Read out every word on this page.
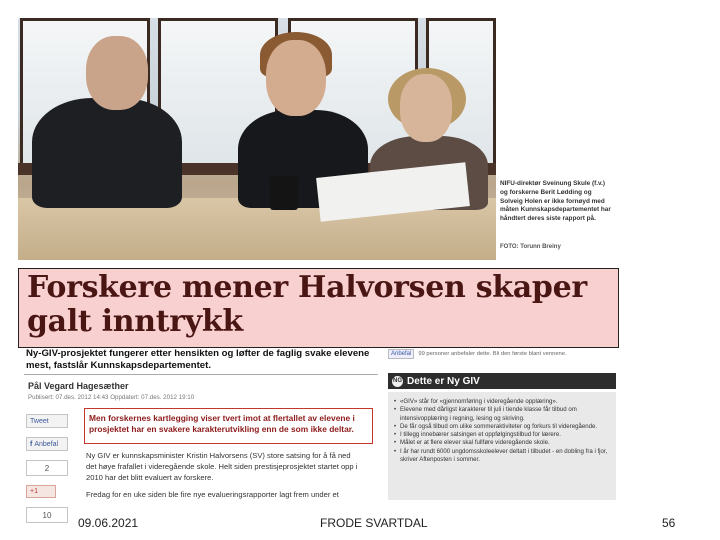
NIFU-direktør Sveinung Skule (f.v.) og forskerne Berit Lødding og Solveig Holen er ikke fornøyd med måten Kunnskapsdepartementet har håndtert deres siste rapport på.
FOTO: Torunn Breiny
Forskere mener Halvorsen skaper galt inntrykk
Ny-GIV-prosjektet fungerer etter hensikten og løfter de faglig svake elevene mest, fastslår Kunnskapsdepartementet.
Pål Vegard Hagesæther
Publisert: 07.des. 2012 14:43 Oppdatert: 07.des. 2012 19:10
Tweet
f Anbefal
2
+1
10
Men forskernes kartlegging viser tvert imot at flertallet av elevene i prosjektet har en svakere karakterutvikling enn de som ikke deltar.
Ny GIV er kunnskapsminister Kristin Halvorsens (SV) store satsing for å få ned
det høye frafallet i videregående skole. Helt siden prestisjeprosjektet startet opp i
2010 har det blitt evaluert av forskere.
Fredag for en uke siden ble fire nye evalueringsrapporter lagt frem under et
Anbefal	99 personer anbefaler dette. Bli den første blant vennene.
NG Dette er Ny GIV
• «GIV» står for «gjennomføring i videregående opplæring».
• Elevene med dårligst karakterer til juli i tiende klasse får tilbud om intensivopplæring i regning, lesing og skriving.
• De får også tilbud om ulike sommeraktiviteter og forkurs til videregående.
• I tillegg innebærer satsingen et oppfølgingstilbud for lærere.
• Målet er at flere elever skal fullføre videregående skole.
• I år har rundt 6000 ungdomsskoleelever deltatt i tilbudet - en dobling fra i fjor, skriver Aftenposten i sommer.
09.06.2021	FRODE SVARTDAL	56
